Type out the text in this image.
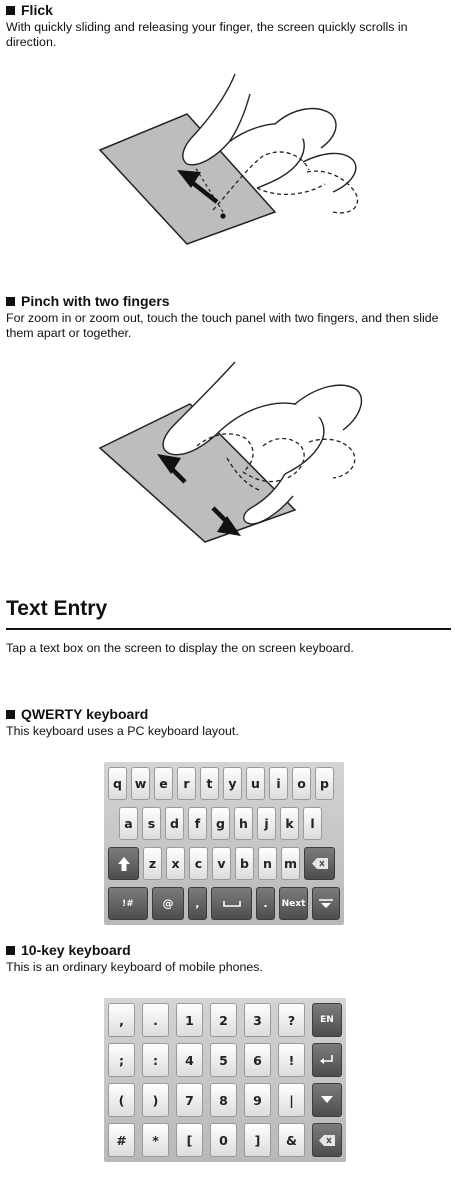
Flick
With quickly sliding and releasing your finger, the screen quickly scrolls in direction.
Pinch with two fingers
For zoom in or zoom out, touch the touch panel with two fingers, and then slide them apart or together.
Text Entry
Tap a text box on the screen to display the on screen keyboard.
QWERTY keyboard
This keyboard uses a PC keyboard layout.
q	w	e	r	t	y	u	i	o	p
a	s	d	f	g	h	j	k	l
z	x	c	v	b	n m
!#	@	,	.	Next
10-key keyboard
This is an ordinary keyboard of mobile phones.
,	.	1	2	3	?	EN
;	:	4	5	6	!
(	)	7	8	9	|
#	*	[	0	]	&
